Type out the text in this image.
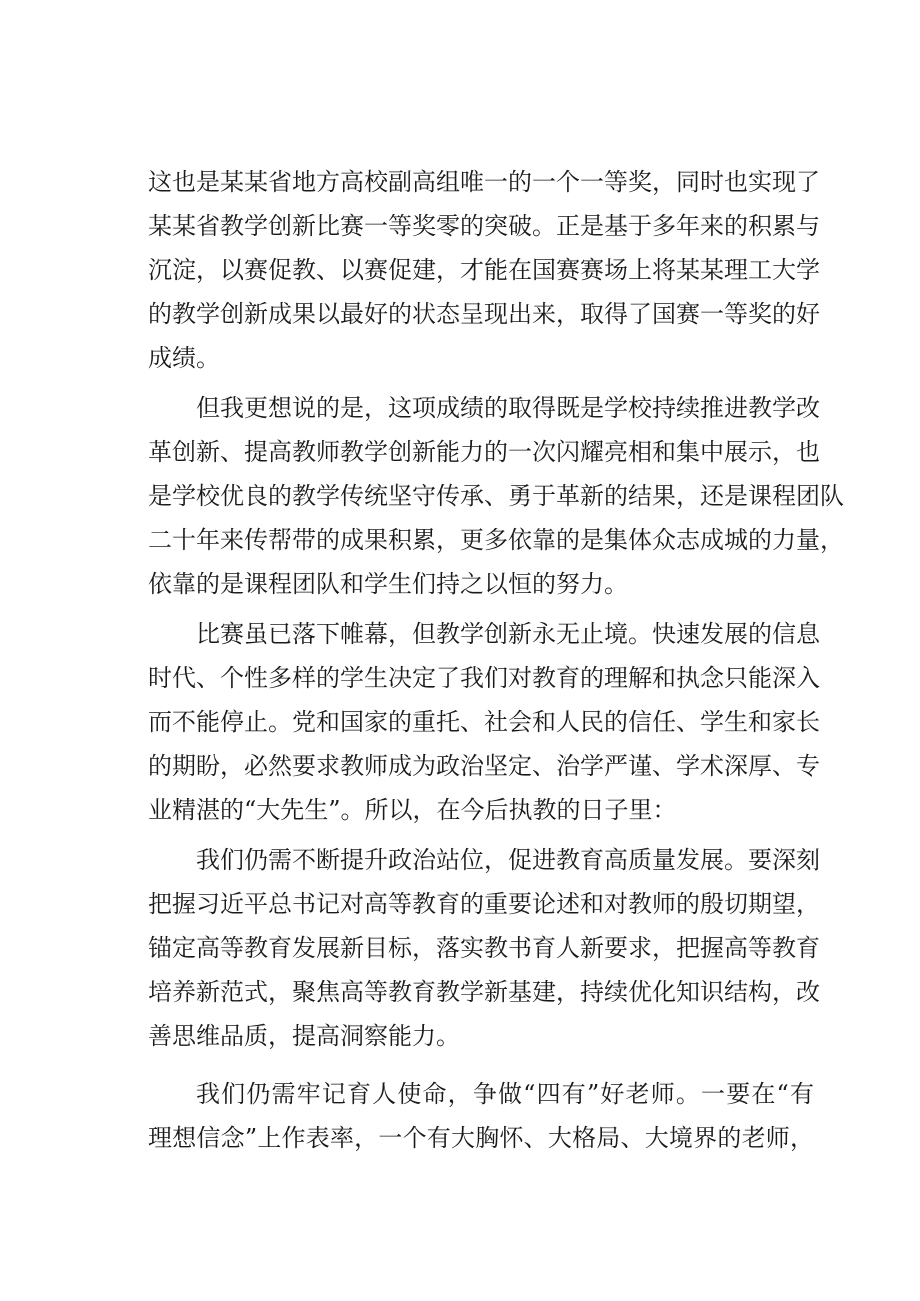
这也是某某省地方高校副高组唯一的一个一等奖，同时也实现了
某某省教学创新比赛一等奖零的突破。正是基于多年来的积累与
沉淀，以赛促教、以赛促建，才能在国赛赛场上将某某理工大学
的教学创新成果以最好的状态呈现出来，取得了国赛一等奖的好
成绩。
但我更想说的是，这项成绩的取得既是学校持续推进教学改
革创新、提高教师教学创新能力的一次闪耀亮相和集中展示，也
是学校优良的教学传统坚守传承、勇于革新的结果，还是课程团队
二十年来传帮带的成果积累，更多依靠的是集体众志成城的力量，
依靠的是课程团队和学生们持之以恒的努力。
比赛虽已落下帷幕，但教学创新永无止境。快速发展的信息
时代、个性多样的学生决定了我们对教育的理解和执念只能深入
而不能停止。党和国家的重托、社会和人民的信任、学生和家长
的期盼，必然要求教师成为政治坚定、治学严谨、学术深厚、专
业精湛的“大先生”。所以，在今后执教的日子里：
我们仍需不断提升政治站位，促进教育高质量发展。要深刻
把握习近平总书记对高等教育的重要论述和对教师的殷切期望，
锚定高等教育发展新目标，落实教书育人新要求，把握高等教育
培养新范式，聚焦高等教育教学新基建，持续优化知识结构，改
善思维品质，提高洞察能力。
我们仍需牢记育人使命，争做“四有”好老师。一要在“有
理想信念”上作表率，一个有大胸怀、大格局、大境界的老师，
